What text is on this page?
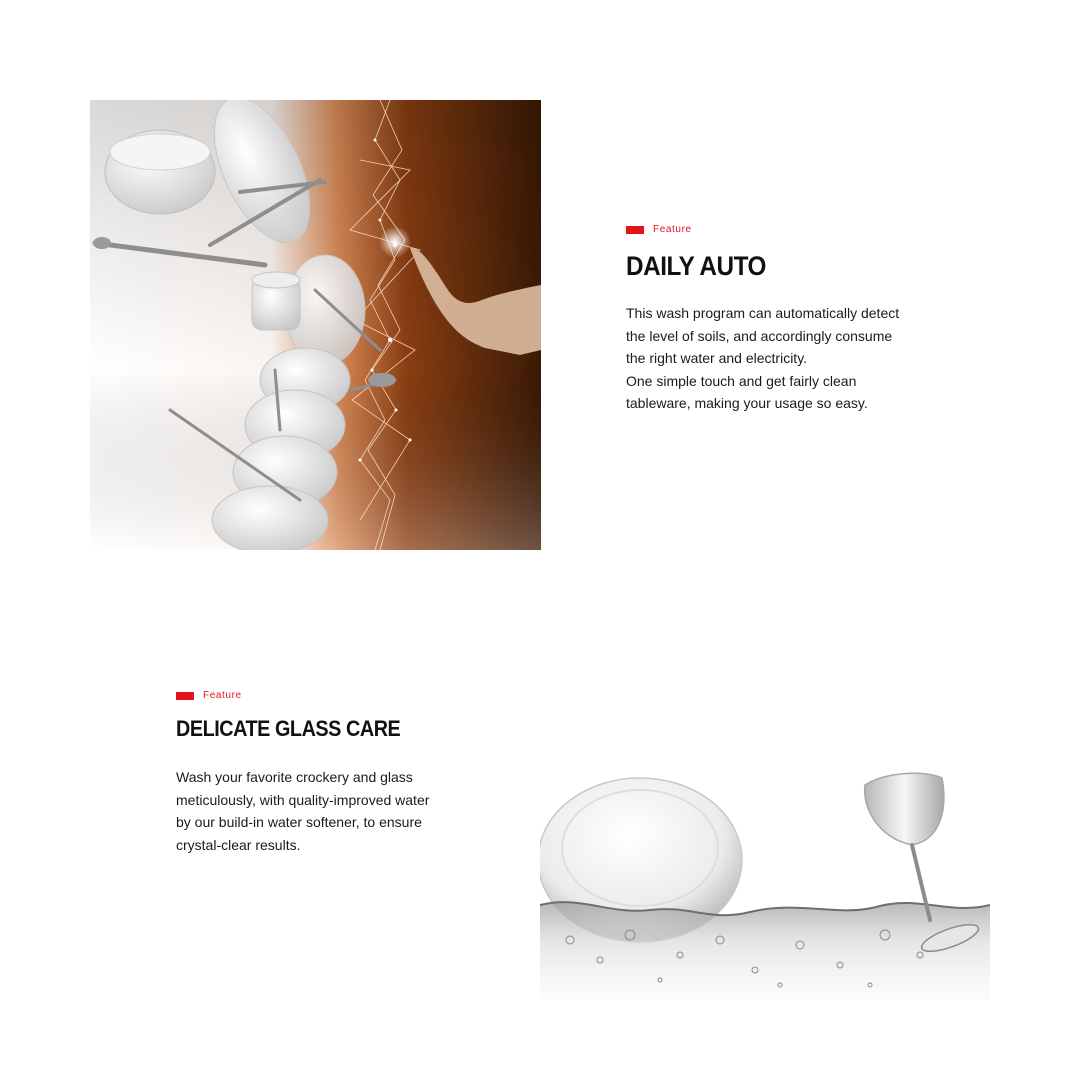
Feature
DAILY AUTO

This wash program can automatically detect
the level of soils, and accordingly consume
the right water and electricity.
One simple touch and get fairly clean
tableware, making your usage so easy.

Feature
DELICATE GLASS CARE

Wash your favorite crockery and glass
meticulously, with quality-improved water
by our build-in water softener, to ensure
crystal-clear results.
